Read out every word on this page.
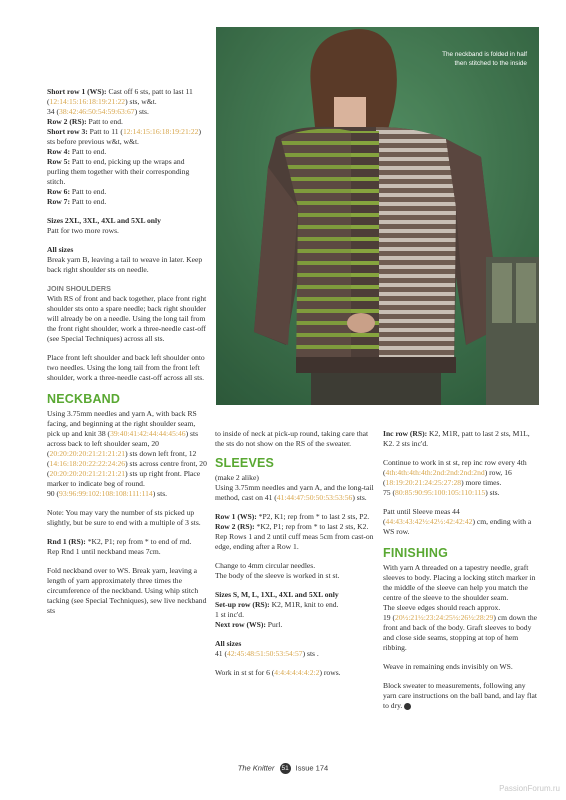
The neckband is folded in half then stitched to the inside

Short row 1 (WS): Cast off 6 sts, patt to last 11 (12:14:15:16:18:19:21:22) sts, w&t.
34 (38:42:46:50:54:59:63:67) sts.

Row 2 (RS): Patt to end.

Short row 3: Patt to 11 (12:14:15:16:18:19:21:22) sts before previous w&t, w&t.

Row 4: Patt to end.

Row 5: Patt to end, picking up the wraps and purling them together with their corresponding stitch.

Row 6: Patt to end.

Row 7: Patt to end.

Sizes 2XL, 3XL, 4XL and 5XL only
Patt for two more rows.

All sizes
Break yarn B, leaving a tail to weave in later. Keep back right shoulder sts on needle.

JOIN SHOULDERS

With RS of front and back together, place front right shoulder sts onto a spare needle; back right shoulder will already be on a needle. Using the long tail from the front right shoulder, work a three-needle cast-off (see Special Techniques) across all sts.

Place front left shoulder and back left shoulder onto two needles. Using the long tail from the front left shoulder, work a three-needle cast-off across all sts.

NECKBAND

Using 3.75mm needles and yarn A, with back RS facing, and beginning at the right shoulder seam, pick up and knit 38 (39:40:41:42:44:44:45:46) sts across back to left shoulder seam, 20 (20:20:20:20:21:21:21:21) sts down left front, 12 (14:16:18:20:22:22:24:26) sts across centre front, 20 (20:20:20:20:21:21:21:21) sts up right front. Place marker to indicate beg of round.

90 (93:96:99:102:108:108:111:114) sts.

Note: You may vary the number of sts picked up slightly, but be sure to end with a multiple of 3 sts.

Rnd 1 (RS): *K2, P1; rep from * to end of rnd.

Rep Rnd 1 until neckband meas 7cm.

Fold neckband over to WS. Break yarn, leaving a length of yarn approximately three times the circumference of the neckband. Using whip stitch tacking (see Special Techniques), sew live neckband sts

to inside of neck at pick-up round, taking care that the sts do not show on the RS of the sweater.

SLEEVES

(make 2 alike)

Using 3.75mm needles and yarn A, and the long-tail method, cast on 41 (41:44:47:50:50:53:53:56) sts.

Row 1 (WS): *P2, K1; rep from * to last 2 sts, P2.

Row 2 (RS): *K2, P1; rep from * to last 2 sts, K2.

Rep Rows 1 and 2 until cuff meas 5cm from cast-on edge, ending after a Row 1.

Change to 4mm circular needles.

The body of the sleeve is worked in st st.

Sizes S, M, L, 1XL, 4XL and 5XL only

Set-up row (RS): K2, M1R, knit to end.

1 st inc'd.

Next row (WS): Purl.

All sizes

41 (42:45:48:51:50:53:54:57) sts .

Work in st st for 6 (4:4:4:4:4:4:2:2) rows.

Inc row (RS): K2, M1R, patt to last 2 sts, M1L, K2. 2 sts inc'd.

Continue to work in st st, rep inc row every 4th (4th:4th:4th:4th:2nd:2nd:2nd:2nd) row, 16 (18:19:20:21:24:25:27:28) more times.

75 (80:85:90:95:100:105:110:115) sts.

Patt until Sleeve meas 44 (44:43:43:42½:42½:42:42:42) cm, ending with a WS row.

FINISHING

With yarn A threaded on a tapestry needle, graft sleeves to body. Placing a locking stitch marker in the middle of the sleeve can help you match the centre of the sleeve to the shoulder seam.

The sleeve edges should reach approx.

19 (20½:21½:23:24:25½:26½:28:29) cm down the front and back of the body. Graft sleeves to body and close side seams, stopping at top of hem ribbing.

Weave in remaining ends invisibly on WS.

Block sweater to measurements, following any yarn care instructions on the ball band, and lay flat to dry.

The Knitter 51 Issue 174
PassionForum.ru
